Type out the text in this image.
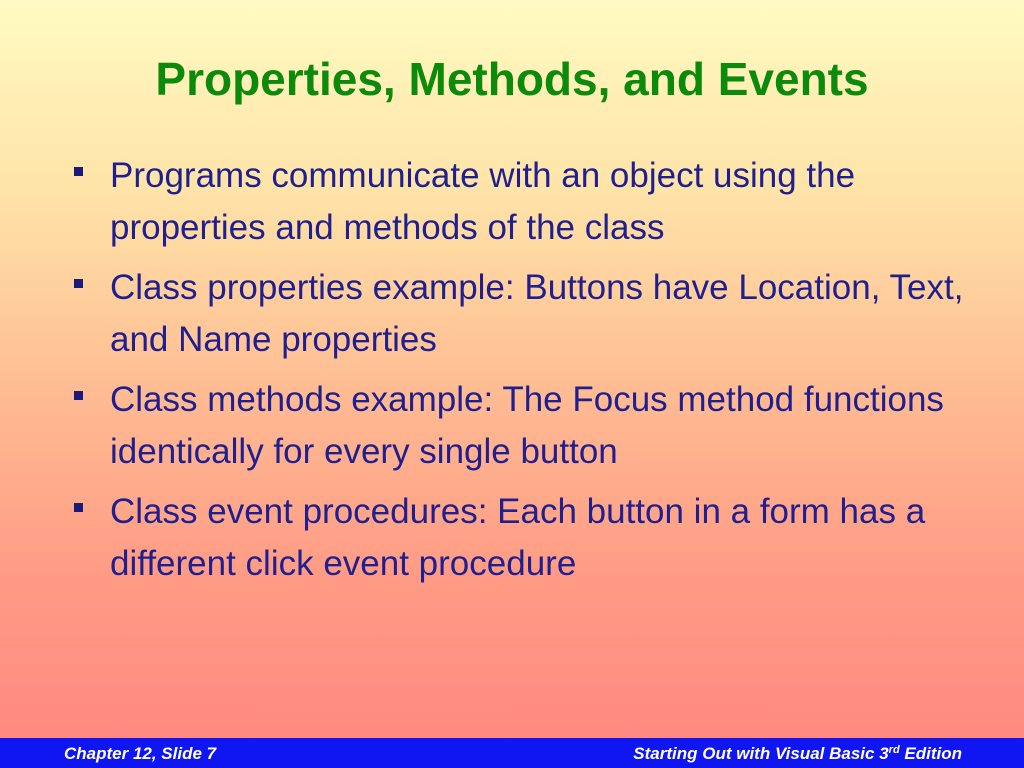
Properties, Methods, and Events
Programs communicate with an object using the properties and methods of the class
Class properties example: Buttons have Location, Text, and Name properties
Class methods example: The Focus method functions identically for every single button
Class event procedures: Each button in a form has a different click event procedure
Chapter 12, Slide 7	Starting Out with Visual Basic 3rd Edition
